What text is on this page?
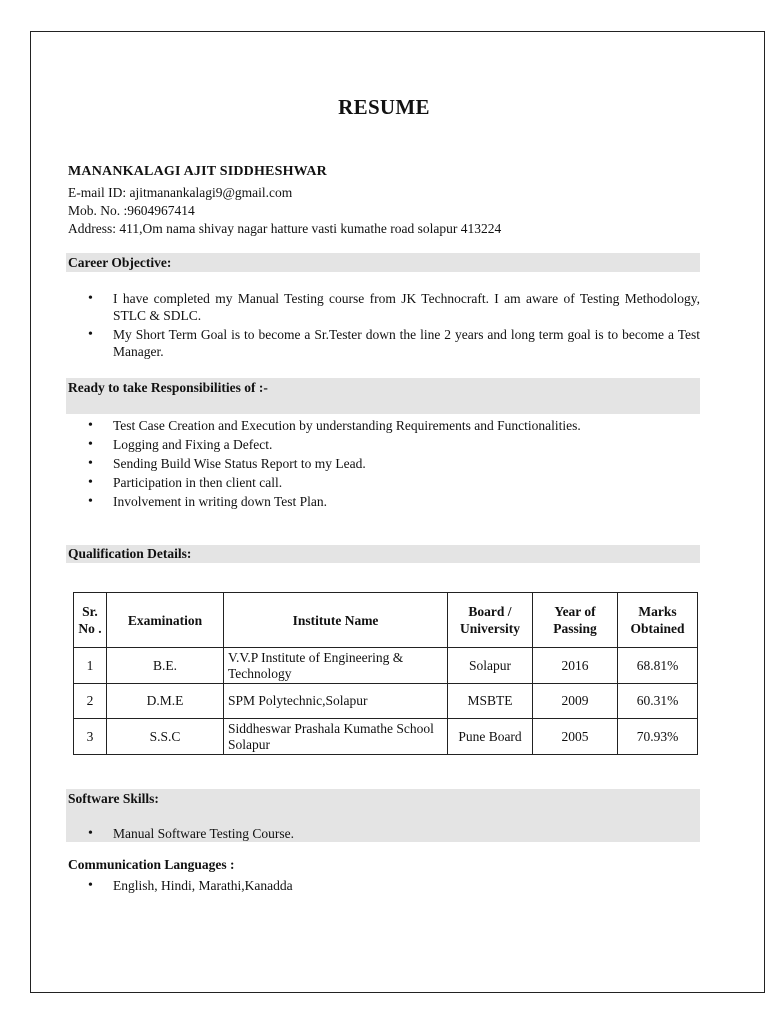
RESUME
MANANKALAGI AJIT SIDDHESHWAR
E-mail ID: ajitmanankalagi9@gmail.com
Mob. No. :9604967414
Address: 411,Om nama shivay nagar hatture vasti kumathe road solapur 413224
Career Objective:
• I have completed my Manual Testing course from JK Technocraft. I am aware of Testing Methodology, STLC & SDLC.
• My Short Term Goal is to become a Sr.Tester down the line 2 years and long term goal is to become a Test Manager.
Ready to take Responsibilities of :-
• Test Case Creation and Execution by understanding Requirements and Functionalities.
• Logging and Fixing a Defect.
• Sending Build Wise Status Report to my Lead.
• Participation in then client call.
• Involvement in writing down Test Plan.
Qualification Details:
Sr. No .	Examination	Institute Name	Board / University	Year of Passing	Marks Obtained
1	B.E.	V.V.P Institute of Engineering & Technology	Solapur	2016	68.81%
2	D.M.E	SPM Polytechnic,Solapur	MSBTE	2009	60.31%
3	S.S.C	Siddheswar Prashala Kumathe School Solapur	Pune Board	2005	70.93%
Software Skills:
• Manual Software Testing Course.
Communication Languages :
• English, Hindi, Marathi,Kanadda
